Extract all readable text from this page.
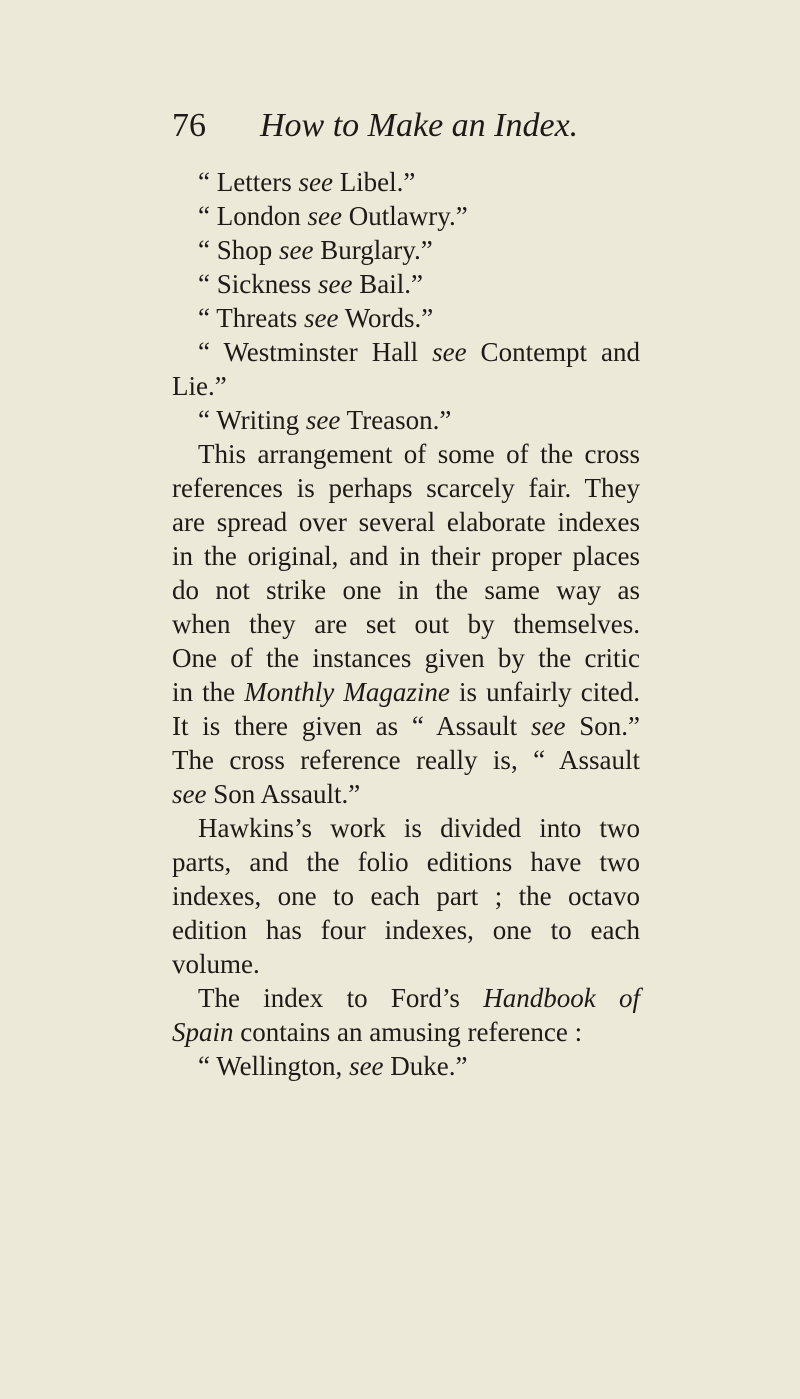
76 How to Make an Index.
“ Letters see Libel.”
“ London see Outlawry.”
“ Shop see Burglary.”
“ Sickness see Bail.”
“ Threats see Words.”
“ Westminster Hall see Contempt and
Lie.”
“ Writing see Treason.”
This arrangement of some of the cross
references is perhaps scarcely fair. They
are spread over several elaborate indexes
in the original, and in their proper places
do not strike one in the same way as
when they are set out by themselves.
One of the instances given by the critic
in the Monthly Magazine is unfairly cited.
It is there given as “ Assault see Son.”
The cross reference really is, “ Assault
see Son Assault.”
Hawkins’s work is divided into two
parts, and the folio editions have two
indexes, one to each part ; the octavo
edition has four indexes, one to each
volume.
The index to Ford’s Handbook of
Spain contains an amusing reference :
“ Wellington, see Duke.”
